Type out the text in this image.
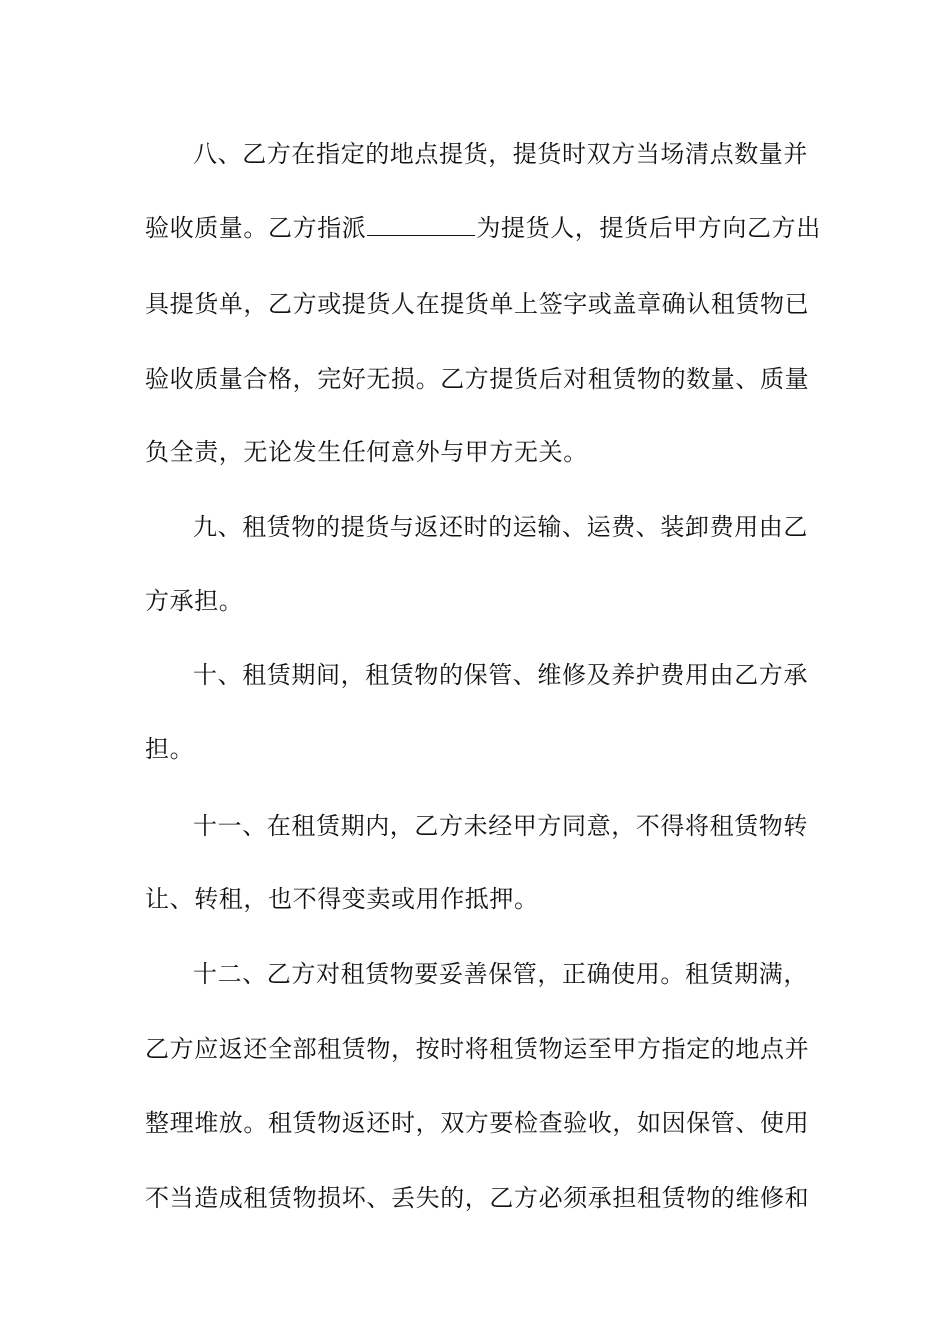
八、乙方在指定的地点提货，提货时双方当场清点数量并
验收质量。乙方指派	为提货人，提货后甲方向乙方出
具提货单，乙方或提货人在提货单上签字或盖章确认租赁物已
验收质量合格，完好无损。乙方提货后对租赁物的数量、质量
负全责，无论发生任何意外与甲方无关。
九、租赁物的提货与返还时的运输、运费、装卸费用由乙
方承担。
十、租赁期间，租赁物的保管、维修及养护费用由乙方承
担。
十一、在租赁期内，乙方未经甲方同意，不得将租赁物转
让、转租，也不得变卖或用作抵押。
十二、乙方对租赁物要妥善保管，正确使用。租赁期满，
乙方应返还全部租赁物，按时将租赁物运至甲方指定的地点并
整理堆放。租赁物返还时，双方要检查验收，如因保管、使用
不当造成租赁物损坏、丢失的，乙方必须承担租赁物的维修和
